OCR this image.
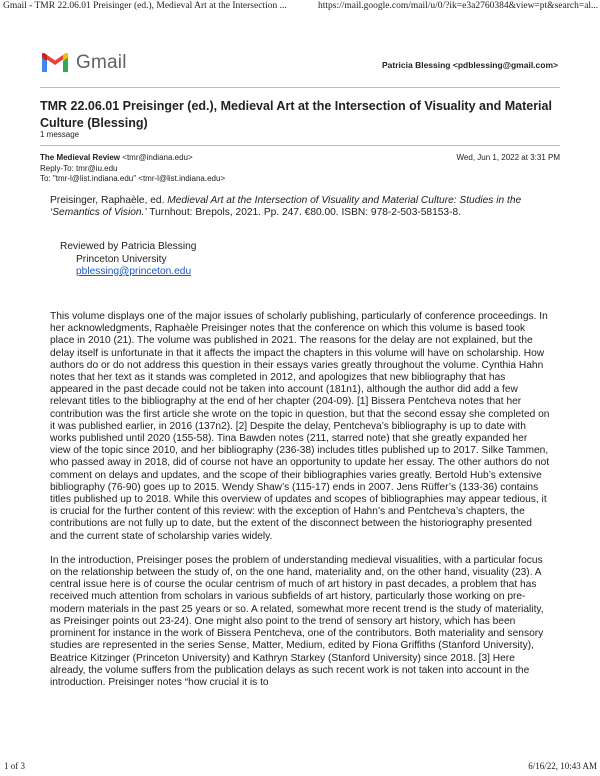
Gmail - TMR 22.06.01 Preisinger (ed.), Medieval Art at the Intersection ...	https://mail.google.com/mail/u/0/?ik=e3a2760384&view=pt&search=al...
Gmail	Patricia Blessing <pdblessing@gmail.com>
TMR 22.06.01 Preisinger (ed.), Medieval Art at the Intersection of Visuality and Material Culture (Blessing)
1 message
The Medieval Review <tmr@indiana.edu>	Wed, Jun 1, 2022 at 3:31 PM
Reply-To: tmr@iu.edu
To: "tmr-l@list.indiana.edu" <tmr-l@list.indiana.edu>

Preisinger, Raphaèle, ed. Medieval Art at the Intersection of Visuality and Material Culture: Studies in the ‘Semantics of Vision.’ Turnhout: Brepols, 2021. Pp. 247. €80.00. ISBN: 978-2-503-58153-8.

Reviewed by Patricia Blessing

Princeton University
pblessing@princeton.edu

This volume displays one of the major issues of scholarly publishing, particularly of conference proceedings. In her acknowledgments, Raphaèle Preisinger notes that the conference on which this volume is based took place in 2010 (21). The volume was published in 2021. The reasons for the delay are not explained, but the delay itself is unfortunate in that it affects the impact the chapters in this volume will have on scholarship. How authors do or do not address this question in their essays varies greatly throughout the volume. Cynthia Hahn notes that her text as it stands was completed in 2012, and apologizes that new bibliography that has appeared in the past decade could not be taken into account (181n1), although the author did add a few relevant titles to the bibliography at the end of her chapter (204-09). [1] Bissera Pentcheva notes that her contribution was the first article she wrote on the topic in question, but that the second essay she completed on it was published earlier, in 2016 (137n2). [2] Despite the delay, Pentcheva’s bibliography is up to date with works published until 2020 (155-58). Tina Bawden notes (211, starred note) that she greatly expanded her view of the topic since 2010, and her bibliography (236-38) includes titles published up to 2017. Silke Tammen, who passed away in 2018, did of course not have an opportunity to update her essay. The other authors do not comment on delays and updates, and the scope of their bibliographies varies greatly. Bertold Hub’s extensive bibliography (76-90) goes up to 2015. Wendy Shaw’s (115-17) ends in 2007. Jens Rüffer’s (133-36) contains titles published up to 2018. While this overview of updates and scopes of bibliographies may appear tedious, it is crucial for the further content of this review: with the exception of Hahn’s and Pentcheva’s chapters, the contributions are not fully up to date, but the extent of the disconnect between the historiography presented and the current state of scholarship varies widely.

In the introduction, Preisinger poses the problem of understanding medieval visualities, with a particular focus on the relationship between the study of, on the one hand, materiality and, on the other hand, visuality (23). A central issue here is of course the ocular centrism of much of art history in past decades, a problem that has received much attention from scholars in various subfields of art history, particularly those working on pre-modern materials in the past 25 years or so. A related, somewhat more recent trend is the study of materiality, as Preisinger points out 23-24). One might also point to the trend of sensory art history, which has been prominent for instance in the work of Bissera Pentcheva, one of the contributors. Both materiality and sensory studies are represented in the series Sense, Matter, Medium, edited by Fiona Griffiths (Stanford University), Beatrice Kitzinger (Princeton University) and Kathryn Starkey (Stanford University) since 2018. [3] Here already, the volume suffers from the publication delays as such recent work is not taken into account in the introduction. Preisinger notes “how crucial it is to

1 of 3	6/16/22, 10:43 AM
